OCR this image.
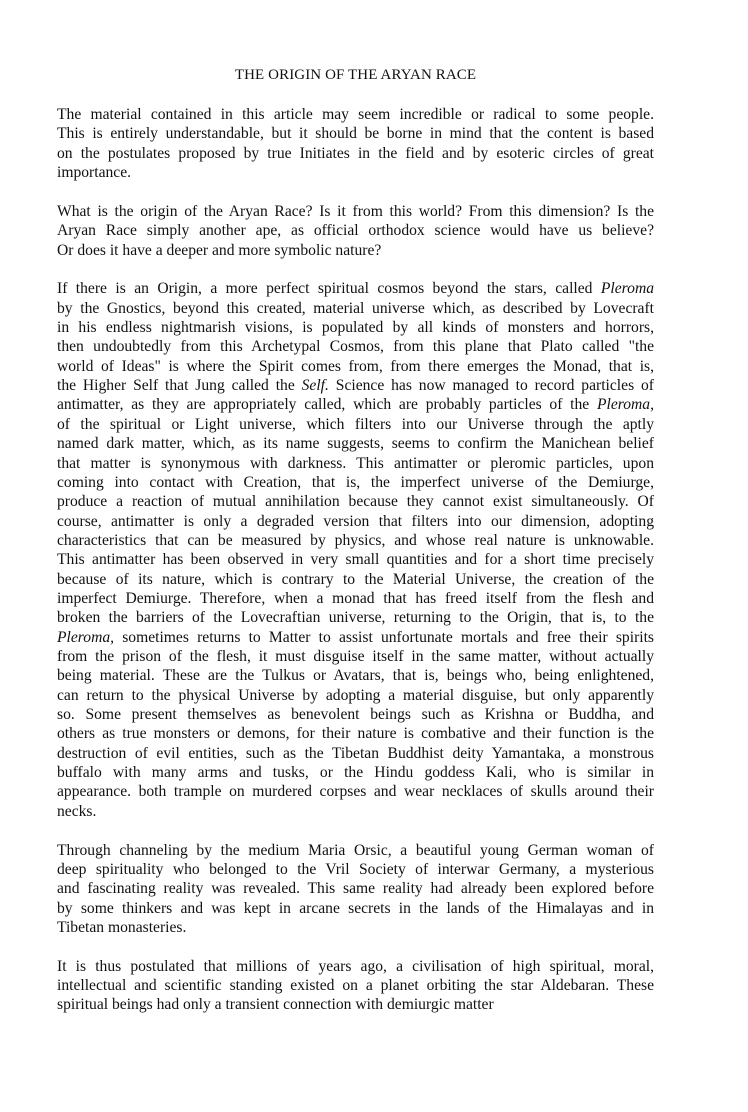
THE ORIGIN OF THE ARYAN RACE
The material contained in this article may seem incredible or radical to some people.
This is entirely understandable, but it should be borne in mind that the content is based
on the postulates proposed by true Initiates in the field and by esoteric circles of great
importance.
What is the origin of the Aryan Race? Is it from this world? From this dimension? Is the
Aryan Race simply another ape, as official orthodox science would have us believe?
Or does it have a deeper and more symbolic nature?
If there is an Origin, a more perfect spiritual cosmos beyond the stars, called Pleroma
by the Gnostics, beyond this created, material universe which, as described by Lovecraft
in his endless nightmarish visions, is populated by all kinds of monsters and horrors,
then undoubtedly from this Archetypal Cosmos, from this plane that Plato called "the
world of Ideas" is where the Spirit comes from, from there emerges the Monad, that is,
the Higher Self that Jung called the Self. Science has now managed to record particles of
antimatter, as they are appropriately called, which are probably particles of the Pleroma,
of the spiritual or Light universe, which filters into our Universe through the aptly
named dark matter, which, as its name suggests, seems to confirm the Manichean belief
that matter is synonymous with darkness. This antimatter or pleromic particles, upon
coming into contact with Creation, that is, the imperfect universe of the Demiurge,
produce a reaction of mutual annihilation because they cannot exist simultaneously. Of
course, antimatter is only a degraded version that filters into our dimension, adopting
characteristics that can be measured by physics, and whose real nature is unknowable.
This antimatter has been observed in very small quantities and for a short time precisely
because of its nature, which is contrary to the Material Universe, the creation of the
imperfect Demiurge. Therefore, when a monad that has freed itself from the flesh and
broken the barriers of the Lovecraftian universe, returning to the Origin, that is, to the
Pleroma, sometimes returns to Matter to assist unfortunate mortals and free their spirits
from the prison of the flesh, it must disguise itself in the same matter, without actually
being material. These are the Tulkus or Avatars, that is, beings who, being enlightened,
can return to the physical Universe by adopting a material disguise, but only apparently
so. Some present themselves as benevolent beings such as Krishna or Buddha, and
others as true monsters or demons, for their nature is combative and their function is the
destruction of evil entities, such as the Tibetan Buddhist deity Yamantaka, a monstrous
buffalo with many arms and tusks, or the Hindu goddess Kali, who is similar in
appearance. both trample on murdered corpses and wear necklaces of skulls around their
necks.
Through channeling by the medium Maria Orsic, a beautiful young German woman of
deep spirituality who belonged to the Vril Society of interwar Germany, a mysterious
and fascinating reality was revealed. This same reality had already been explored before
by some thinkers and was kept in arcane secrets in the lands of the Himalayas and in
Tibetan monasteries.
It is thus postulated that millions of years ago, a civilisation of high spiritual, moral,
intellectual and scientific standing existed on a planet orbiting the star Aldebaran. These
spiritual beings had only a transient connection with demiurgic matter
